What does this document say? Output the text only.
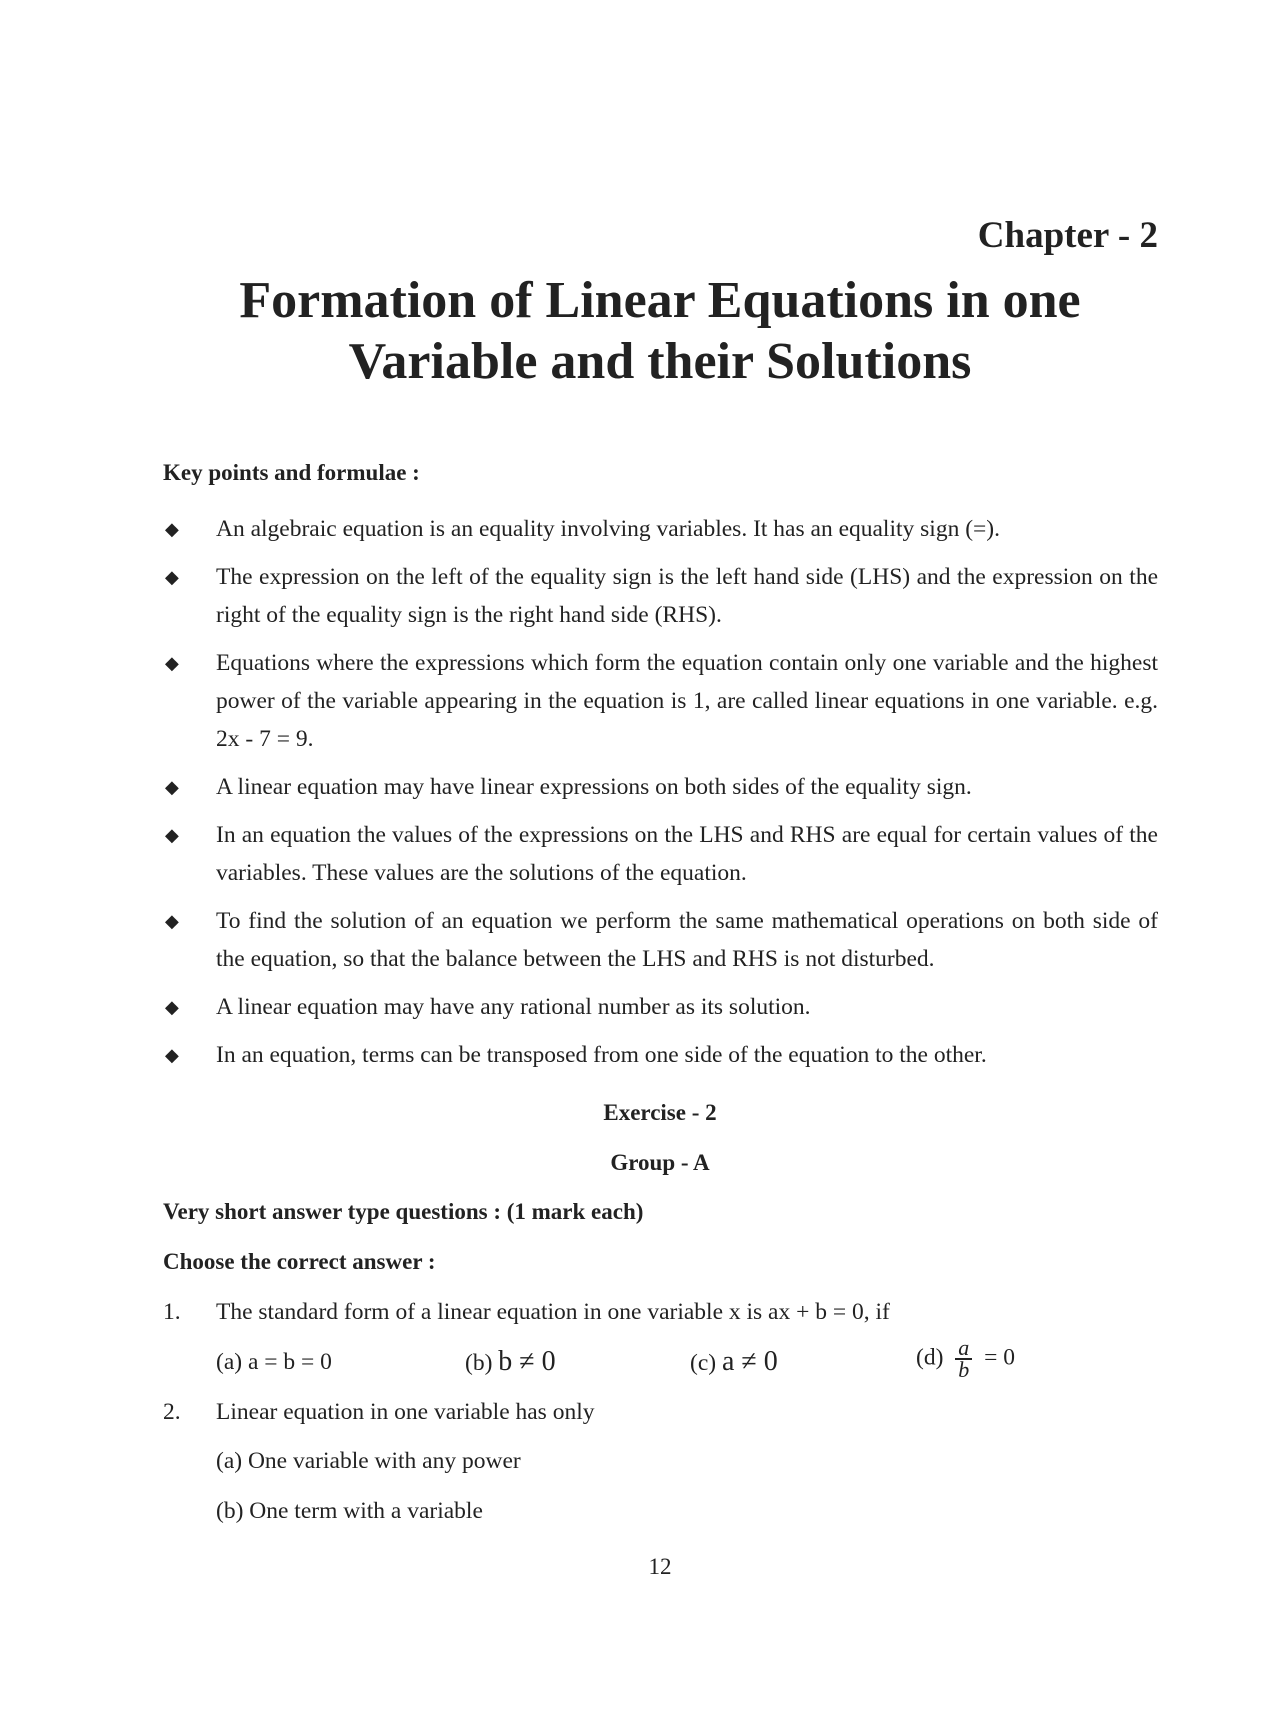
Chapter - 2
Formation of Linear Equations in one
Variable and their Solutions
Key points and formulae :
◆ An algebraic equation is an equality involving variables. It has an equality sign (=).
◆ The expression on the left of the equality sign is the left hand side (LHS) and the expression on the right of the equality sign is the right hand side (RHS).
◆ Equations where the expressions which form the equation contain only one variable and the highest power of the variable appearing in the equation is 1, are called linear equations in one variable. e.g. 2x - 7 = 9.
◆ A linear equation may have linear expressions on both sides of the equality sign.
◆ In an equation the values of the expressions on the LHS and RHS are equal for certain values of the variables. These values are the solutions of the equation.
◆ To find the solution of an equation we perform the same mathematical operations on both side of the equation, so that the balance between the LHS and RHS is not disturbed.
◆ A linear equation may have any rational number as its solution.
◆ In an equation, terms can be transposed from one side of the equation to the other.
Exercise - 2
Group - A
Very short answer type questions : (1 mark each)
Choose the correct answer :
1. The standard form of a linear equation in one variable x is ax + b = 0, if
(a) a = b = 0	(b) b ≠ 0	(c) a ≠ 0	$(d) \frac{a}{b} = 0$
2. Linear equation in one variable has only
(a) One variable with any power
(b) One term with a variable
12
